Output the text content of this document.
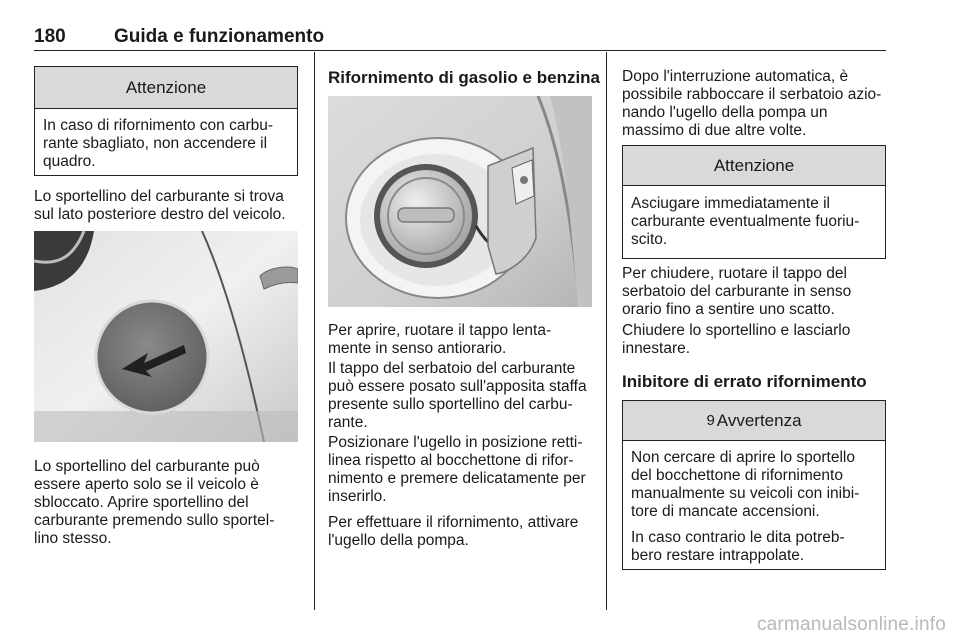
180	Guida e funzionamento
Attenzione
In caso di rifornimento con carbu-
rante sbagliato, non accendere il
quadro.
Lo sportellino del carburante si trova
sul lato posteriore destro del veicolo.
Lo sportellino del carburante può
essere aperto solo se il veicolo è
sbloccato. Aprire sportellino del
carburante premendo sullo sportel-
lino stesso.
Rifornimento di gasolio e benzina
Per aprire, ruotare il tappo lenta-
mente in senso antiorario.
Il tappo del serbatoio del carburante
può essere posato sull'apposita staffa
presente sullo sportellino del carbu-
rante.
Posizionare l'ugello in posizione retti-
linea rispetto al bocchettone di rifor-
nimento e premere delicatamente per
inserirlo.
Per effettuare il rifornimento, attivare
l'ugello della pompa.
Dopo l'interruzione automatica, è
possibile rabboccare il serbatoio azio-
nando l'ugello della pompa un
massimo di due altre volte.
Attenzione
Asciugare immediatamente il
carburante eventualmente fuoriu-
scito.
Per chiudere, ruotare il tappo del
serbatoio del carburante in senso
orario fino a sentire uno scatto.
Chiudere lo sportellino e lasciarlo
innestare.
Inibitore di errato rifornimento
9 Avvertenza

Non cercare di aprire lo sportello
del bocchettone di rifornimento
manualmente su veicoli con inibi-
tore di mancate accensioni.

In caso contrario le dita potreb-
bero restare intrappolate.

carmanualsonline.info
